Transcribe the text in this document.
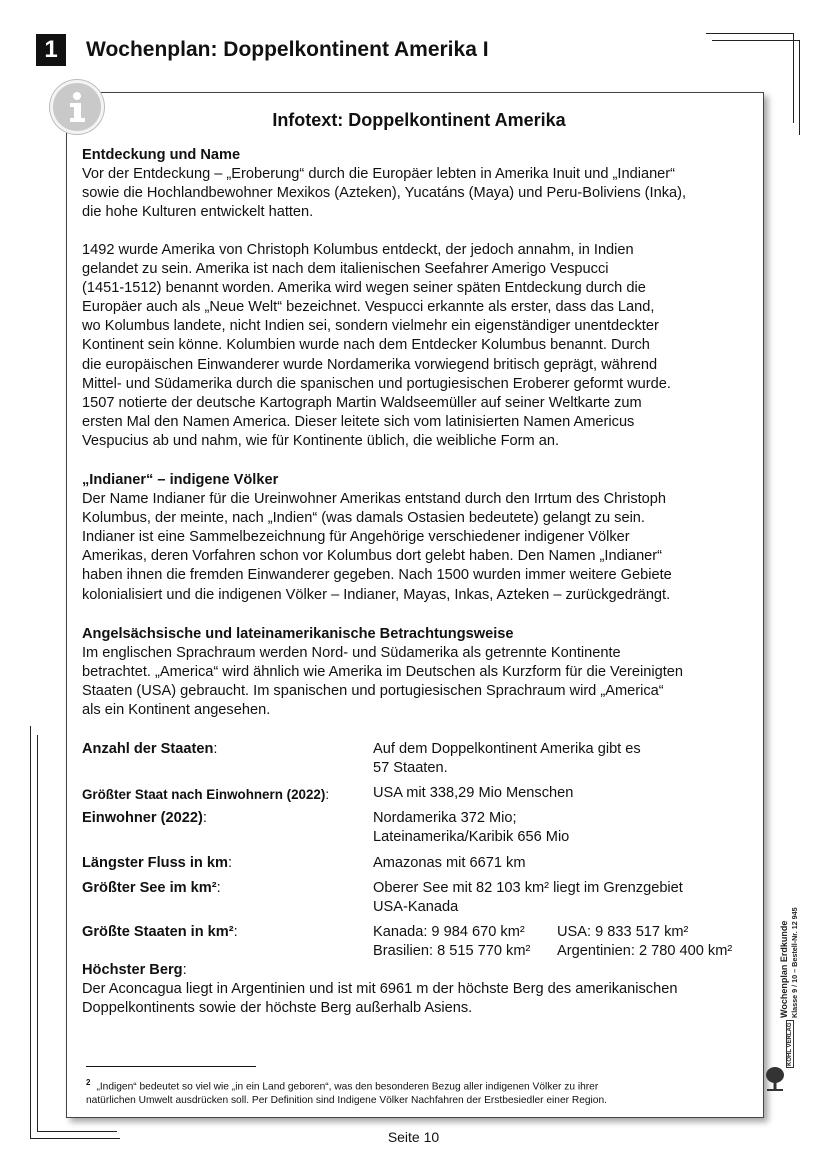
1 Wochenplan: Doppelkontinent Amerika I
Infotext: Doppelkontinent Amerika

Entdeckung und Name

Vor der Entdeckung – „Eroberung“ durch die Europäer lebten in Amerika Inuit und „Indianer“

sowie die Hochlandbewohner Mexikos (Azteken), Yucatáns (Maya) und Peru-Boliviens (Inka),

die hohe Kulturen entwickelt hatten.

1492 wurde Amerika von Christoph Kolumbus entdeckt, der jedoch annahm, in Indien

gelandet zu sein. Amerika ist nach dem italienischen Seefahrer Amerigo Vespucci

(1451-1512) benannt worden. Amerika wird wegen seiner späten Entdeckung durch die

Europäer auch als „Neue Welt“ bezeichnet. Vespucci erkannte als erster, dass das Land,

wo Kolumbus landete, nicht Indien sei, sondern vielmehr ein eigenständiger unentdeckter

Kontinent sein könne. Kolumbien wurde nach dem Entdecker Kolumbus benannt. Durch

die europäischen Einwanderer wurde Nordamerika vorwiegend britisch geprägt, während

Mittel- und Südamerika durch die spanischen und portugiesischen Eroberer geformt wurde.

1507 notierte der deutsche Kartograph Martin Waldseemüller auf seiner Weltkarte zum

ersten Mal den Namen America. Dieser leitete sich vom latinisierten Namen Americus

Vespucius ab und nahm, wie für Kontinente üblich, die weibliche Form an.

„Indianer“ – indigene Völker

Der Name Indianer für die Ureinwohner Amerikas entstand durch den Irrtum des Christoph

Kolumbus, der meinte, nach „Indien“ (was damals Ostasien bedeutete) gelangt zu sein.

Indianer ist eine Sammelbezeichnung für Angehörige verschiedener indigener Völker

Amerikas, deren Vorfahren schon vor Kolumbus dort gelebt haben. Den Namen „Indianer“

haben ihnen die fremden Einwanderer gegeben. Nach 1500 wurden immer weitere Gebiete

kolonialisiert und die indigenen Völker – Indianer, Mayas, Inkas, Azteken – zurückgedrängt.

Angelsächsische und lateinamerikanische Betrachtungsweise

Im englischen Sprachraum werden Nord- und Südamerika als getrennte Kontinente

betrachtet. „America“ wird ähnlich wie Amerika im Deutschen als Kurzform für die Vereinigten

Staaten (USA) gebraucht. Im spanischen und portugiesischen Sprachraum wird „America“

als ein Kontinent angesehen.

Anzahl der Staaten:	Auf dem Doppelkontinent Amerika gibt es
57 Staaten.
Größter Staat nach Einwohnern (2022):	USA mit 338,29 Mio Menschen
Einwohner (2022):	Nordamerika 372 Mio;
Lateinamerika/Karibik 656 Mio
Längster Fluss in km:	Amazonas mit 6671 km
Größter See im km²:	Oberer See mit 82 103 km² liegt im Grenzgebiet
USA-Kanada
Größte Staaten in km²:	Kanada: 9 984 670 km² USA: 9 833 517 km²
Brasilien: 8 515 770 km² Argentinien: 2 780 400 km²
Höchster Berg:

Der Aconcagua liegt in Argentinien und ist mit 6961 m der höchste Berg des amerikanischen

Doppelkontinents sowie der höchste Berg außerhalb Asiens.

$^2$ „Indigen“ bedeutet so viel wie „in ein Land geboren“, was den besonderen Bezug aller indigenen Völker zu ihrer
natürlichen Umwelt ausdrücken soll. Per Definition sind Indigene Völker Nachfahren der Erstbesiedler einer Region.
Wochenplan Erdkunde Klasse 9 / 10 – Bestell-Nr. 12 945
KOHL VERLAG
Seite 10
